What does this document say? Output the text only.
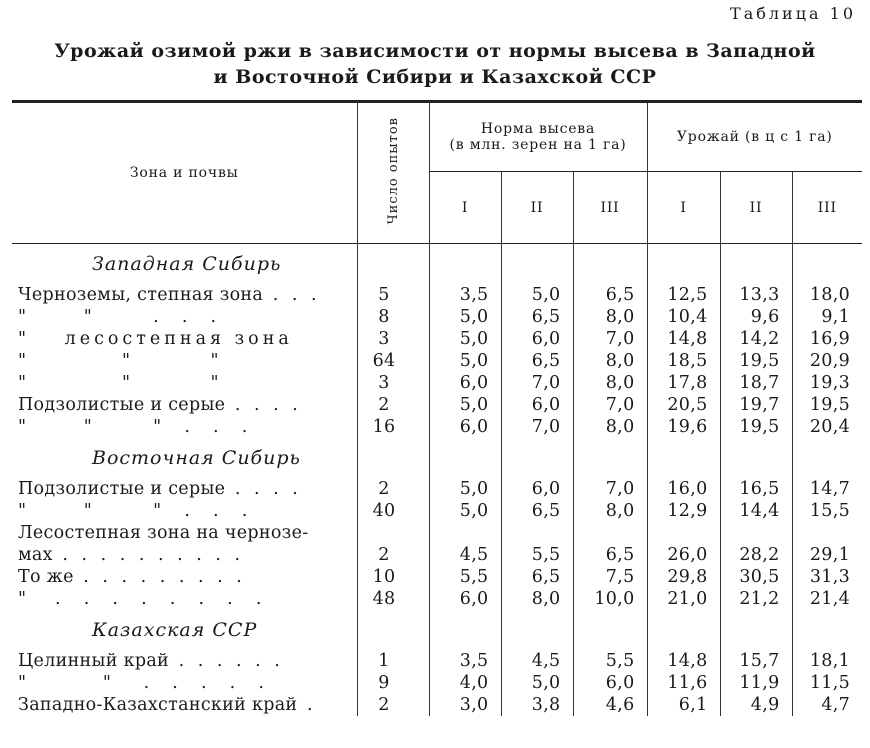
Таблица 10
Урожай озимой ржи в зависимости от нормы высева в Западной
и Восточной Сибири и Казахской ССР
Зона и почвы	Число опытов	Норма высева
(в млн. зерен на 1 га)			Урожай (в ц с 1 га)		
		I	II	III	I	II	III
Западная Сибирь							
Черноземы, степная зона . . .	5	3,5	5,0	6,5	12,5	13,3	18,0
"      "      .  .  .	8	5,0	6,5	8,0	10,4	9,6	9,1
"    лесостепная зона	3	5,0	6,0	7,0	14,8	14,2	16,9
"          "        "	64	5,0	6,5	8,0	18,5	19,5	20,9
"          "        "	3	6,0	7,0	8,0	17,8	18,7	19,3
Подзолистые и серые . . . .	2	5,0	6,0	7,0	20,5	19,7	19,5
"      "      "  .  .  .	16	6,0	7,0	8,0	19,6	19,5	20,4
Восточная Сибирь							
Подзолистые и серые . . . .	2	5,0	6,0	7,0	16,0	16,5	14,7
"      "      "  .  .  .	40	5,0	6,5	8,0	12,9	14,4	15,5
Лесостепная зона на чернозе-							
мах . . . . . . . . . .	2	4,5	5,5	6,5	26,0	28,2	29,1
То же . . . . . . . . .	10	5,5	6,5	7,5	29,8	30,5	31,3
"   .  .  .  .  .  .  .  .	48	6,0	8,0	10,0	21,0	21,2	21,4
Казахская ССР							
Целинный край . . . . . .	1	3,5	4,5	5,5	14,8	15,7	18,1
"        "   .  .  .  .  .	9	4,0	5,0	6,0	11,6	11,9	11,5
Западно-Казахстанский край .	2	3,0	3,8	4,6	6,1	4,9	4,7
